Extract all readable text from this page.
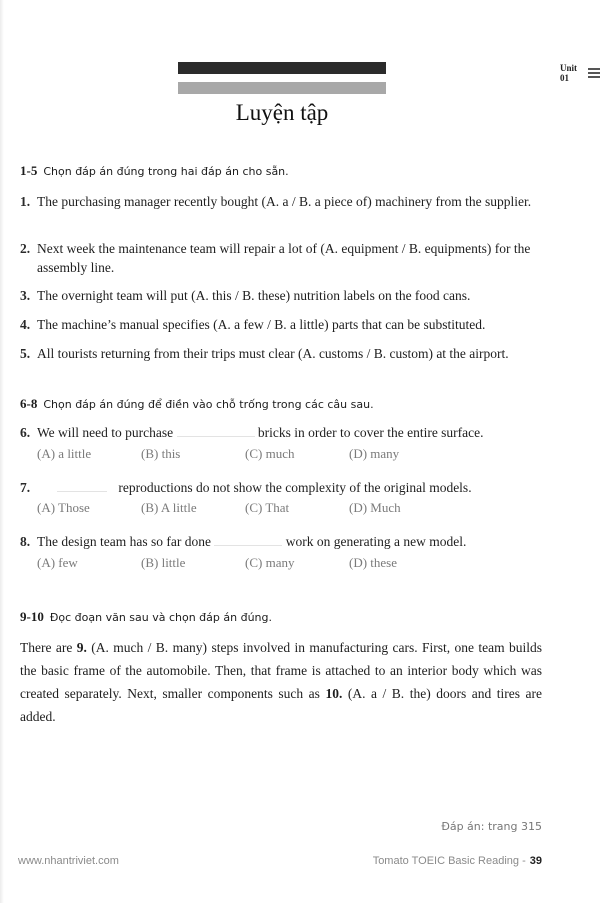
Unit 01
Luyện tập
1-5 Chọn đáp án đúng trong hai đáp án cho sẵn.
1. The purchasing manager recently bought (A. a / B. a piece of) machinery from the supplier.
2. Next week the maintenance team will repair a lot of (A. equipment / B. equipments) for the assembly line.
3. The overnight team will put (A. this / B. these) nutrition labels on the food cans.
4. The machine’s manual specifies (A. a few / B. a little) parts that can be substituted.
5. All tourists returning from their trips must clear (A. customs / B. custom) at the airport.
6-8 Chọn đáp án đúng để điền vào chỗ trống trong các câu sau.
6. We will need to purchase	bricks in order to cover the entire surface.
(A) a little	(B) this	(C) much	(D) many
7.	reproductions do not show the complexity of the original models.
(A) Those	(B) A little	(C) That	(D) Much
8. The design team has so far done	work on generating a new model.
(A) few	(B) little	(C) many	(D) these
9-10 Đọc đoạn văn sau và chọn đáp án đúng.
There are 9. (A. much / B. many) steps involved in manufacturing cars. First, one team builds the basic frame of the automobile. Then, that frame is attached to an interior body which was created separately. Next, smaller components such as 10. (A. a / B. the) doors and tires are added.
Đáp án: trang 315
www.nhantriviet.com	Tomato TOEIC Basic Reading - 39
